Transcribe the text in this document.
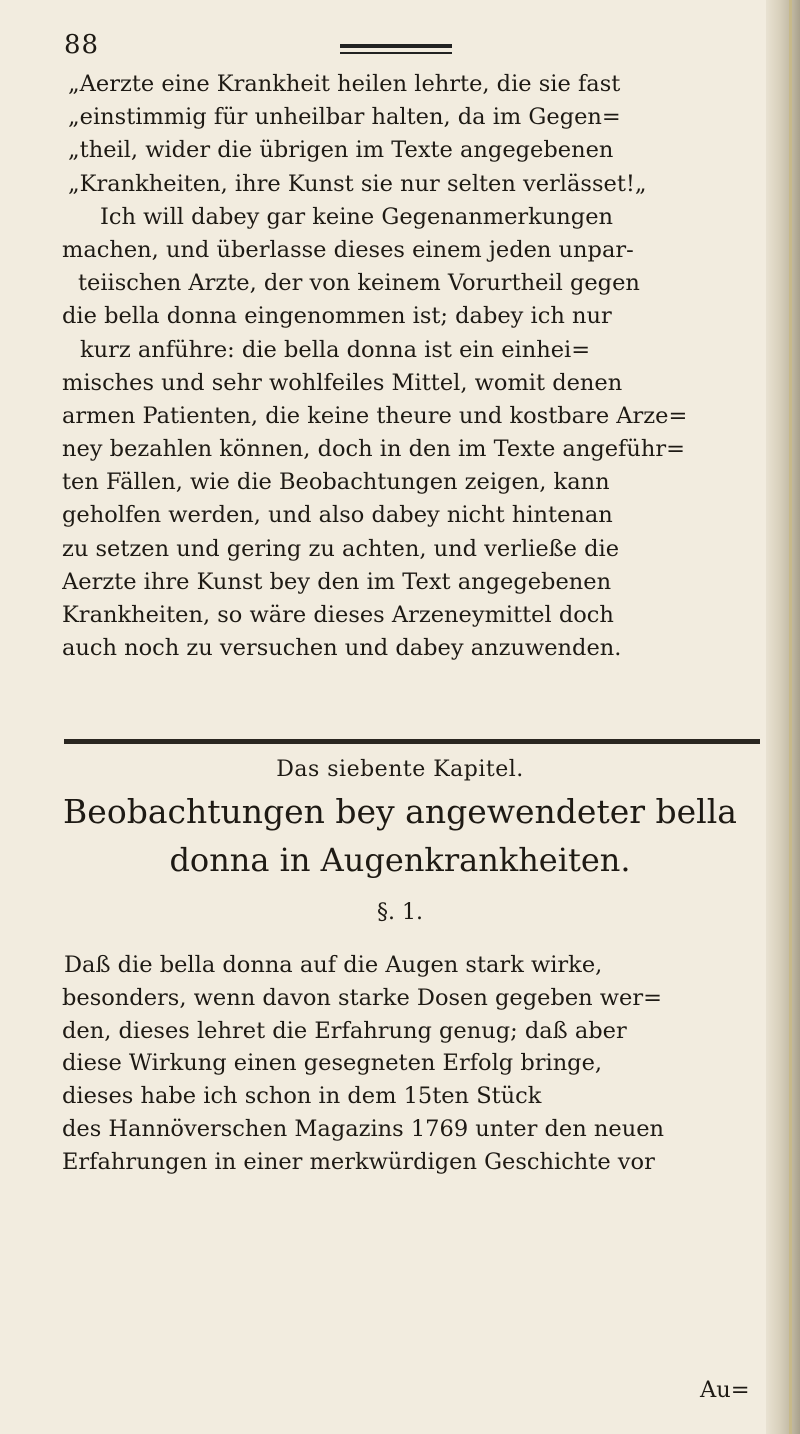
88
„Aerzte eine Krankheit heilen lehrte, die sie fast
„einstimmig für unheilbar halten, da im Gegen=
„theil, wider die übrigen im Texte angegebenen
„Krankheiten, ihre Kunst sie nur selten verlässet!„
Ich will dabey gar keine Gegenanmerkungen
machen, und überlasse dieses einem jeden unpar-
teiischen Arzte, der von keinem Vorurtheil gegen
die bella donna eingenommen ist; dabey ich nur
kurz anführe: die bella donna ist ein einhei=
misches und sehr wohlfeiles Mittel, womit denen
armen Patienten, die keine theure und kostbare Arze=
ney bezahlen können, doch in den im Texte angeführ=
ten Fällen, wie die Beobachtungen zeigen, kann
geholfen werden, und also dabey nicht hintenan
zu setzen und gering zu achten, und verließe die
Aerzte ihre Kunst bey den im Text angegebenen
Krankheiten, so wäre dieses Arzeneymittel doch
auch noch zu versuchen und dabey anzuwenden.
Das siebente Kapitel.
Beobachtungen bey angewendeter bella
donna in Augenkrankheiten.
§. 1.
Daß die bella donna auf die Augen stark wirke,
besonders, wenn davon starke Dosen gegeben wer=
den, dieses lehret die Erfahrung genug; daß aber
diese Wirkung einen gesegneten Erfolg bringe,
dieses habe ich schon in dem 15ten Stück
des Hannöverschen Magazins 1769 unter den neuen
Erfahrungen in einer merkwürdigen Geschichte vor
Au=
